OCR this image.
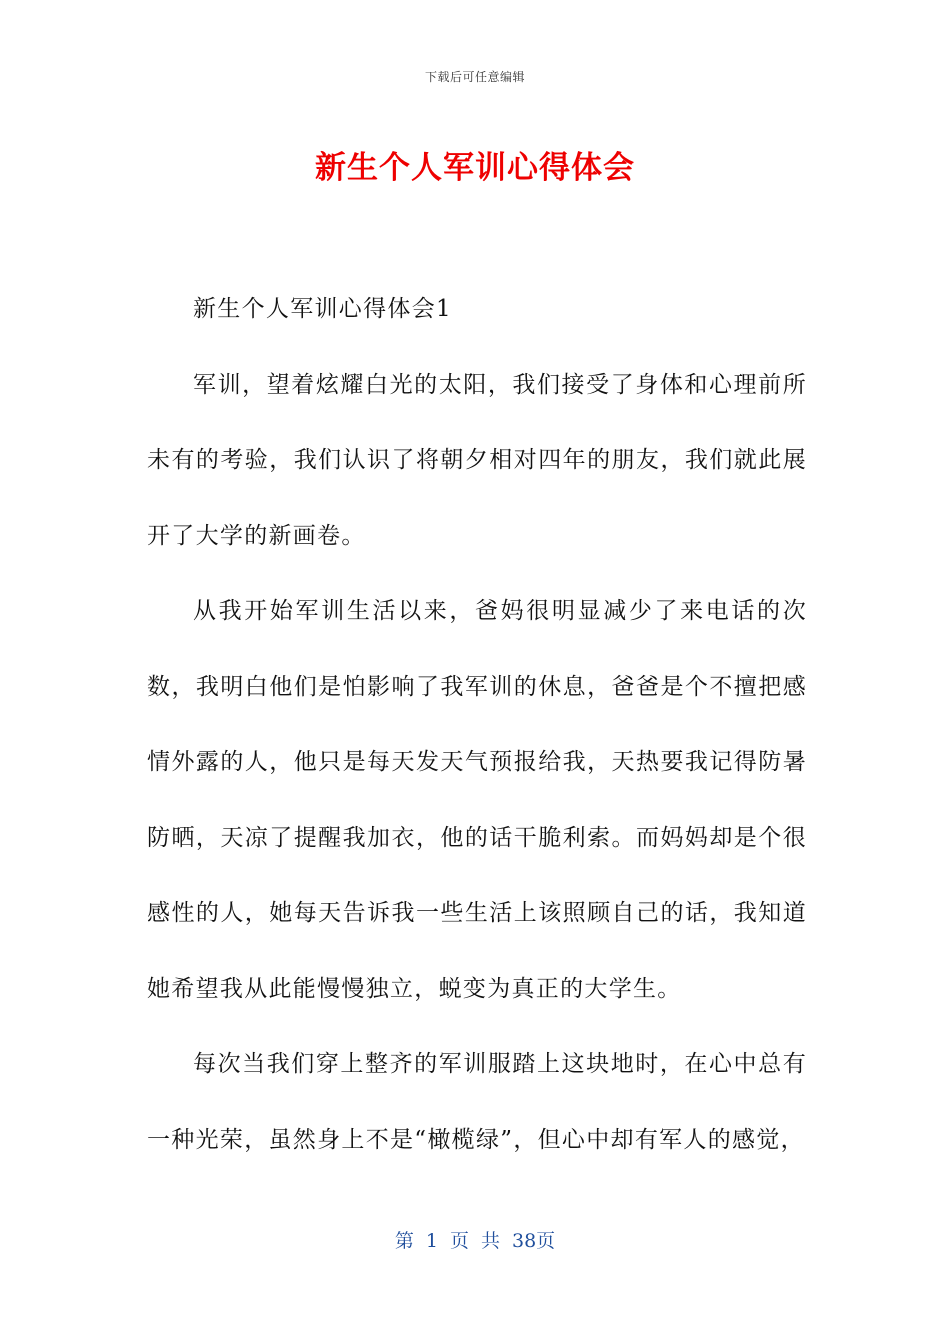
下载后可任意编辑
新生个人军训心得体会

新生个人军训心得体会1

军训，望着炫耀白光的太阳，我们接受了身体和心理前所未有的考验，我们认识了将朝夕相对四年的朋友，我们就此展开了大学的新画卷。

从我开始军训生活以来，爸妈很明显减少了来电话的次数，我明白他们是怕影响了我军训的休息，爸爸是个不擅把感情外露的人，他只是每天发天气预报给我，天热要我记得防暑防晒，天凉了提醒我加衣，他的话干脆利索。而妈妈却是个很感性的人，她每天告诉我一些生活上该照顾自己的话，我知道她希望我从此能慢慢独立，蜕变为真正的大学生。

每次当我们穿上整齐的军训服踏上这块地时，在心中总有一种光荣，虽然身上不是“橄榄绿”，但心中却有军人的感觉，

第 1 页 共 38页
